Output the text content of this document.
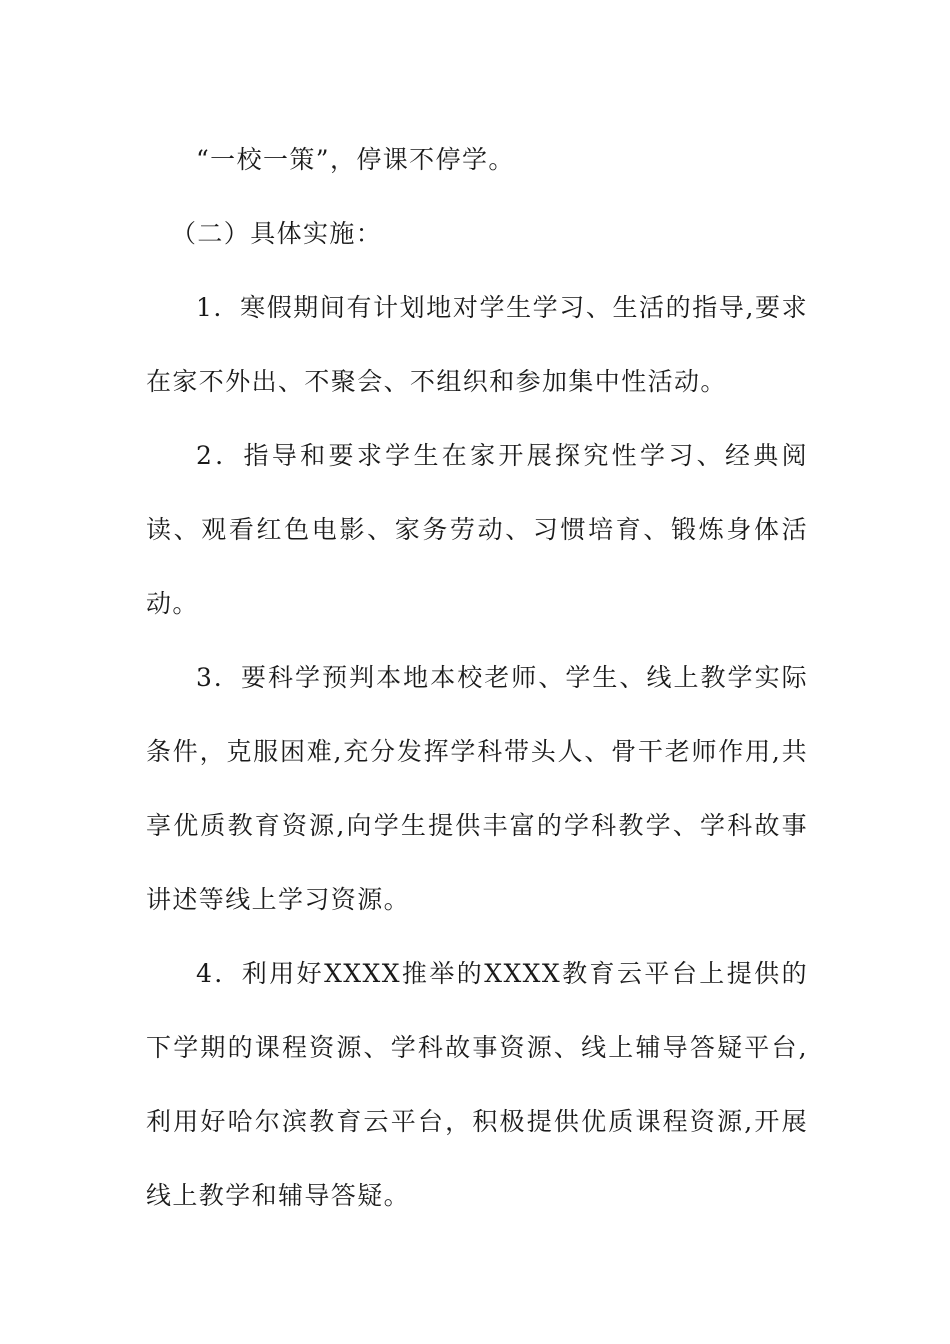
“一校一策”，停课不停学。

（二）具体实施：

1．寒假期间有计划地对学生学习、生活的指导,要求在家不外出、不聚会、不组织和参加集中性活动。

2．指导和要求学生在家开展探究性学习、经典阅读、观看红色电影、家务劳动、习惯培育、锻炼身体活动。

3．要科学预判本地本校老师、学生、线上教学实际条件，克服困难,充分发挥学科带头人、骨干老师作用,共享优质教育资源,向学生提供丰富的学科教学、学科故事讲述等线上学习资源。

4．利用好XXXX推举的XXXX教育云平台上提供的下学期的课程资源、学科故事资源、线上辅导答疑平台,利用好哈尔滨教育云平台，积极提供优质课程资源,开展线上教学和辅导答疑。
